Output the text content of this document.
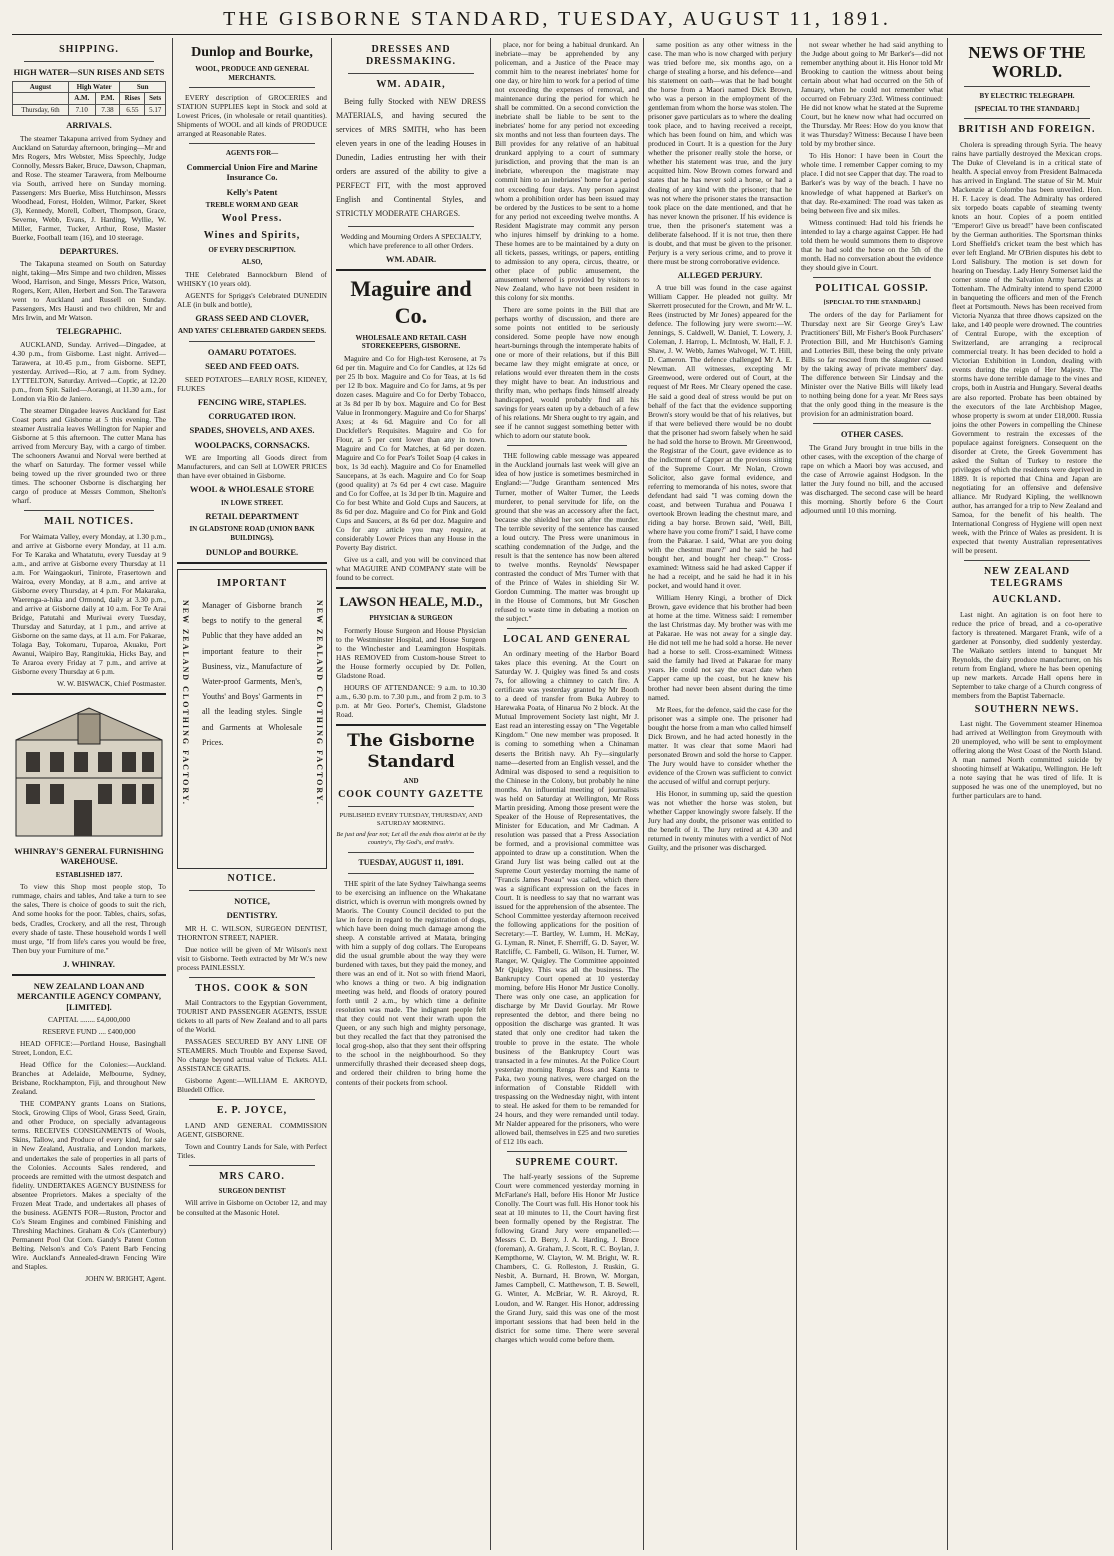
THE GISBORNE STANDARD, TUESDAY, AUGUST 11, 1891.
SHIPPING.
HIGH WATER—SUN RISES AND SETS
August	High Water		Sun	
	A.M.	P.M.	Rises	Sets
Thursday, 6th	7.10	7.38	6.55	5.17
ARRIVALS.

The steamer Takapuna arrived from Sydney and Auckland on Saturday afternoon, bringing—Mr and Mrs Rogers, Mrs Webster, Miss Speechly, Judge Connolly, Messrs Baker, Bruce, Dawson, Chapman, and Rose. The steamer Tarawera, from Melbourne via South, arrived here on Sunday morning. Passengers: Mrs Buerke, Miss Hutchinson, Messrs Woodhead, Forest, Holden, Wilmor, Parker, Skeet (3), Kennedy, Morell, Colbert, Thompson, Grace, Severne, Webb, Evans, J. Harding, Wyllie, W. Miller, Farmer, Tucker, Arthur, Rose, Master Buerke, Football team (16), and 10 steerage.

DEPARTURES.

The Takapuna steamed on South on Saturday night, taking—Mrs Simpe and two children, Misses Wood, Harrison, and Singe, Messrs Price, Watson, Rogers, Kerr, Allen, Herbert and Son. The Tarawera went to Auckland and Russell on Sunday. Passengers, Mrs Hausti and two children, Mr and Mrs Irwin, and Mr Watson.

TELEGRAPHIC.

AUCKLAND, Sunday. Arrived—Dingadee, at 4.30 p.m., from Gisborne. Last night. Arrived—Tarawera, at 10.45 p.m., from Gisborne. SEPT, yesterday. Arrived—Rio, at 7 a.m. from Sydney. LYTTELTON, Saturday. Arrived—Coptic, at 12.20 p.m., from Spit. Sailed—Aorangi, at 11.30 a.m., for London via Rio de Janiero.

The steamer Dingadee leaves Auckland for East Coast ports and Gisborne at 5 this evening. The steamer Australia leaves Wellington for Napier and Gisborne at 5 this afternoon. The cutter Mana has arrived from Mercury Bay, with a cargo of timber. The schooners Awanui and Norval were berthed at the wharf on Saturday. The former vessel while being towed up the river grounded two or three times. The schooner Osborne is discharging her cargo of produce at Messrs Common, Shelton's wharf.

MAIL NOTICES.

For Waimata Valley, every Monday, at 1.30 p.m., and arrive at Gisborne every Monday, at 11 a.m. For Te Karaka and Whatatutu, every Tuesday at 9 a.m., and arrive at Gisborne every Thursday at 11 a.m. For Waingaokuri, Tinirote, Frasertown and Wairoa, every Monday, at 8 a.m., and arrive at Gisborne every Thursday, at 4 p.m. For Makaraka, Waerenga-a-hika and Ormond, daily at 3.30 p.m., and arrive at Gisborne daily at 10 a.m. For Te Arai Bridge, Patutahi and Muriwai every Tuesday, Thursday and Saturday, at 1 p.m., and arrive at Gisborne on the same days, at 11 a.m. For Pakarae, Tolaga Bay, Tokomaru, Tuparoa, Akuaku, Port Awanui, Waipiro Bay, Rangitukia, Hicks Bay, and Te Araroa every Friday at 7 p.m., and arrive at Gisborne every Thursday at 6 p.m.

W. W. BISWACK, Chief Postmaster.

WHINRAY'S GENERAL FURNISHING WAREHOUSE.
ESTABLISHED 1877.

To view this Shop most people stop, To rummage, chairs and tables, And take a turn to see the sales, There is choice of goods to suit the rich, And some hooks for the poor. Tables, chairs, sofas, beds, Cradles, Crockery, and all the rest, Through every shade of taste. These household words I well must urge, "If from life's cares you would be free, Then buy your Furniture of me."

J. WHINRAY.
NEW ZEALAND LOAN AND MERCANTILE AGENCY COMPANY, [LIMITED].

CAPITAL ........ £4,000,000

RESERVE FUND .... £400,000

HEAD OFFICE:—Portland House, Basinghall Street, London, E.C.

Head Office for the Colonies:—Auckland. Branches at Adelaide, Melbourne, Sydney, Brisbane, Rockhampton, Fiji, and throughout New Zealand.

THE COMPANY grants Loans on Stations, Stock, Growing Clips of Wool, Grass Seed, Grain, and other Produce, on specially advantageous terms. RECEIVES CONSIGNMENTS of Wools, Skins, Tallow, and Produce of every kind, for sale in New Zealand, Australia, and London markets, and undertakes the sale of properties in all parts of the Colonies. Accounts Sales rendered, and proceeds are remitted with the utmost despatch and fidelity. UNDERTAKES AGENCY BUSINESS for absentee Proprietors. Makes a specialty of the Frozen Meat Trade, and undertakes all phases of the business. AGENTS FOR—Ruston, Proctor and Co's Steam Engines and combined Finishing and Threshing Machines. Graham & Co's (Canterbury) Permanent Pool Oat Corn. Gandy's Patent Cotton Belting. Nelson's and Co's Patent Barb Fencing Wire. Auckland's Annealed-drawn Fencing Wire and Staples.

JOHN W. BRIGHT, Agent.

Dunlop and Bourke,
WOOL, PRODUCE AND GENERAL MERCHANTS.

EVERY description of GROCERIES and STATION SUPPLIES kept in Stock and sold at Lowest Prices, (in wholesale or retail quantities). Shipments of WOOL and all kinds of PRODUCE arranged at Reasonable Rates.

AGENTS FOR—
Commercial Union Fire and Marine Insurance Co.
Kelly's Patent
TREBLE WORM AND GEAR
Wool Press.
Wines and Spirits,
OF EVERY DESCRIPTION.
ALSO,

THE Celebrated Bannockburn Blend of WHISKY (10 years old).

AGENTS for Spriggs's Celebrated DUNEDIN ALE (in bulk and bottle),

GRASS SEED AND CLOVER,
AND YATES' CELEBRATED GARDEN SEEDS.
OAMARU POTATOES.
SEED AND FEED OATS.

SEED POTATOES—EARLY ROSE, KIDNEY, FLUKES

FENCING WIRE, STAPLES.
CORRUGATED IRON.
SPADES, SHOVELS, AND AXES.
WOOLPACKS, CORNSACKS.

WE are Importing all Goods direct from Manufacturers, and can Sell at LOWER PRICES than have ever obtained in Gisborne.

WOOL & WHOLESALE STORE
IN LOWE STREET.
RETAIL DEPARTMENT
IN GLADSTONE ROAD (UNION BANK BUILDINGS).
DUNLOP and BOURKE.
IMPORTANT
NEW ZEALAND CLOTHING FACTORY.	NEW ZEALAND CLOTHING FACTORY.

Manager of Gisborne branch begs to notify to the general Public that they have added an important feature to their Business, viz., Manufacture of Water-proof Garments, Men's, Youths' and Boys' Garments in all the leading styles. Single and Garments at Wholesale Prices.

NOTICE.
NOTICE,
DENTISTRY.

MR H. C. WILSON, SURGEON DENTIST, THORNTON STREET, NAPIER.

Due notice will be given of Mr Wilson's next visit to Gisborne. Teeth extracted by Mr W.'s new process PAINLESSLY.

THOS. COOK & SON

Mail Contractors to the Egyptian Government, TOURIST AND PASSENGER AGENTS, ISSUE tickets to all parts of New Zealand and to all parts of the World.

PASSAGES SECURED BY ANY LINE OF STEAMERS. Much Trouble and Expense Saved, No charge beyond actual value of Tickets. ALL ASSISTANCE GRATIS.

Gisborne Agent:—WILLIAM E. AKROYD, Bluedell Office.

E. P. JOYCE,

LAND AND GENERAL COMMISSION AGENT, GISBORNE.

Town and Country Lands for Sale, with Perfect Titles.

MRS CARO.
SURGEON DENTIST

Will arrive in Gisborne on October 12, and may be consulted at the Masonic Hotel.

DRESSES AND DRESSMAKING.
WM. ADAIR,

Being fully Stocked with NEW DRESS MATERIALS, and having secured the services of MRS SMITH, who has been eleven years in one of the leading Houses in Dunedin, Ladies entrusting her with their orders are assured of the ability to give a PERFECT FIT, with the most approved English and Continental Styles, and STRICTLY MODERATE CHARGES.

Wedding and Mourning Orders A SPECIALTY, which have preference to all other Orders.

WM. ADAIR.
Maguire and Co.
WHOLESALE AND RETAIL CASH STOREKEEPERS, GISBORNE.

Maguire and Co for High-test Kerosene, at 7s 6d per tin. Maguire and Co for Candles, at 12s 6d per 25 lb box. Maguire and Co for Teas, at 1s 6d per 12 lb box. Maguire and Co for Jams, at 9s per dozen cases. Maguire and Co for Derby Tobacco, at 3s 8d per lb by box. Maguire and Co for Best Value in Ironmongery. Maguire and Co for Sharps' Axes; at 4s 6d. Maguire and Co for all Duckfeller's Requisites. Maguire and Co for Flour, at 5 per cent lower than any in town. Maguire and Co for Matches, at 6d per dozen. Maguire and Co for Pear's Toilet Soap (4 cakes in box, 1s 3d each). Maguire and Co for Enamelled Saucepans, at 3s each. Maguire and Co for Soap (good quality) at 7s 6d per 4 cwt case. Maguire and Co for Coffee, at 1s 3d per lb tin. Maguire and Co for best White and Gold Cups and Saucers, at 8s 6d per doz. Maguire and Co for Pink and Gold Cups and Saucers, at 8s 6d per doz. Maguire and Co for any article you may require, at considerably Lower Prices than any House in the Poverty Bay district.

Give us a call, and you will be convinced that what MAGUIRE AND COMPANY state will be found to be correct.

LAWSON HEALE, M.D.,
PHYSICIAN & SURGEON

Formerly House Surgeon and House Physician to the Westminster Hospital, and House Surgeon to the Winchester and Leamington Hospitals. HAS REMOVED from Custom-house Street to the House formerly occupied by Dr. Pollen, Gladstone Road.

HOURS OF ATTENDANCE: 9 a.m. to 10.30 a.m., 6.30 p.m. to 7.30 p.m., and from 2 p.m. to 3 p.m. at Mr Geo. Porter's, Chemist, Gladstone Road.

The Gisborne Standard
AND
COOK COUNTY GAZETTE

PUBLISHED EVERY TUESDAY, THURSDAY, AND SATURDAY MORNING.

Be just and fear not; Let all the ends thou aim'st at be thy country's, Thy God's, and truth's.

TUESDAY, AUGUST 11, 1891.

THE spirit of the late Sydney Taiwhanga seems to be exercising an influence on the Whakatane district, which is overrun with mongrels owned by Maoris. The County Council decided to put the law in force in regard to the registration of dogs, which have been doing much damage among the sheep. A constable arrived at Matata, bringing with him a supply of dog collars. The Europeans did the usual grumble about the way they were burdened with taxes, but they paid the money, and there was an end of it. Not so with friend Maori, who knows a thing or two. A big indignation meeting was held, and floods of oratory poured forth until 2 a.m., by which time a definite resolution was made. The indignant people felt that they could not vent their wrath upon the Queen, or any such high and mighty personage, but they recalled the fact that they patronised the local grog-shop, also that they sent their offspring to the school in the neighbourhood. So they unmercifully thrashed their deceased sheep dogs, and ordered their children to bring home the contents of their pockets from school.

place, nor for being a habitual drunkard. An inebriate—may be apprehended by any policeman, and a Justice of the Peace may commit him to the nearest inebriates' home for one day, or hire him to work for a period of time not exceeding the expenses of removal, and maintenance during the period for which he shall be committed. On a second conviction the inebriate shall be liable to be sent to the inebriates' home for any period not exceeding six months and not less than fourteen days. The Bill provides for any relative of an habitual drunkard applying to a court of summary jurisdiction, and proving that the man is an inebriate, whereupon the magistrate may commit him to an inebriates' home for a period not exceeding four days. Any person against whom a prohibition order has been issued may be ordered by the Justices to be sent to a home for any period not exceeding twelve months. A Resident Magistrate may commit any person who injures himself by drinking to a home. These homes are to be maintained by a duty on all tickets, passes, writings, or papers, entitling to admission to any opera, circus, theatre, or other place of public amusement, the amusement whereof is provided by visitors to New Zealand, who have not been resident in this colony for six months.

There are some points in the Bill that are perhaps worthy of discussion, and there are some points not entitled to be seriously considered. Some people have now enough heart-burnings through the intemperate habits of one or more of their relations, but if this Bill became law they might emigrate at once, or relations would ever threaten them in the costs they might have to bear. An industrious and thrifty man, who perhaps finds himself already handicapped, would probably find all his savings for years eaten up by a debauch of a few of his relations. Mr Shera ought to try again, and see if he cannot suggest something better with which to adorn our statute book.

THE following cable message was appeared in the Auckland journals last week will give an idea of how justice is sometimes besmirched in England:—"Judge Grantham sentenced Mrs Turner, mother of Walter Turner, the Leeds murderer, to penal servitude for life, on the ground that she was an accessory after the fact, because she shielded her son after the murder. The terrible severity of the sentence has caused a loud outcry. The Press were unanimous in scathing condemnation of the Judge, and the result is that the sentence has now been altered to twelve months. Reynolds' Newspaper contrasted the conduct of Mrs Turner with that of the Prince of Wales in shielding Sir W. Gordon Cumming. The matter was brought up in the House of Commons, but Mr Goschen refused to waste time in debating a motion on the subject."

LOCAL AND GENERAL

An ordinary meeting of the Harbor Board takes place this evening. At the Court on Saturday W. J. Quigley was fined 5s and costs 7s, for allowing a chimney to catch fire. A certificate was yesterday granted by Mr Booth to a deed of transfer from Buka Aubrey to Harewaka Poata, of Hinarua No 2 block. At the Mutual Improvement Society last night, Mr J. East read an interesting essay on "The Vegetable Kingdom." One new member was proposed. It is coming to something when a Chinaman deserts the British navy. Ah Fy—singularly name—deserted from an English vessel, and the Admiral was disposed to send a requisition to the Chinese in the Colony, but probably he nine months. An influential meeting of journalists was held on Saturday at Wellington, Mr Ross Martin presiding. Among those present were the Speaker of the House of Representatives, the Minister for Education, and Mr Cadman. A resolution was passed that a Press Association be formed, and a provisional committee was appointed to draw up a constitution. When the Grand Jury list was being called out at the Supreme Court yesterday morning the name of "Francis James Poeau" was called, which there was a significant expression on the faces in Court. It is needless to say that no warrant was issued for the apprehension of the absentee. The School Committee yesterday afternoon received the following applications for the position of Secretary:—T. Bartley, W. Lumm, H. McKay, G. Lyman, R. Ninet, F. Sherriff, G. D. Sayer, W. Ratcliffe, C. Fambell, G. Wilson, H. Turner, W. Ranger, W. Quigley. The Committee appointed Mr Quigley. This was all the business. The Bankruptcy Court opened at 10 yesterday morning, before His Honor Mr Justice Conolly. There was only one case, an application for discharge by Mr David Gourlay. Mr Rowe represented the debtor, and there being no opposition the discharge was granted. It was stated that only one creditor had taken the trouble to prove in the estate. The whole business of the Bankruptcy Court was transacted in a few minutes. At the Police Court yesterday morning Renga Ross and Kanta te Paka, two young natives, were charged on the information of Constable Riddell with trespassing on the Wednesday night, with intent to steal. He asked for them to be remanded for 24 hours, and they were remanded until today. Mr Nalder appeared for the prisoners, who were allowed bail, themselves in £25 and two sureties of £12 10s each.

SUPREME COURT.

The half-yearly sessions of the Supreme Court were commenced yesterday morning in McFarlane's Hall, before His Honor Mr Justice Conolly. The Court was full. His Honor took his seat at 10 minutes to 11, the Court having first been formally opened by the Registrar. The following Grand Jury were empanelled:—Messrs C. D. Berry, J. A. Harding, J. Broce (foreman), A. Graham, J. Scott, R. C. Boylan, J. Kempthorne, W. Clayton, W. M. Bright, W. R. Chambers, C. G. Rolleston, J. Ruskin, G. Nesbit, A. Burnard, H. Brown, W. Morgan, James Campbell, C. Matthewson, T. B. Sewell, G. Winter, A. McBriar, W. R. Akroyd, R. Loudon, and W. Ranger. His Honor, addressing the Grand Jury, said this was one of the most important sessions that had been held in the district for some time. There were several charges which would come before them.

same position as any other witness in the case. The man who is now charged with perjury was tried before me, six months ago, on a charge of stealing a horse, and his defence—and his statement on oath—was that he had bought the horse from a Maori named Dick Brown, who was a person in the employment of the gentleman from whom the horse was stolen. The prisoner gave particulars as to where the dealing took place, and to having received a receipt, which has been found on him, and which was produced in Court. It is a question for the Jury whether the prisoner really stole the horse, or whether his statement was true, and the jury acquitted him. Now Brown comes forward and states that he has never sold a horse, or had a dealing of any kind with the prisoner; that he was not where the prisoner states the transaction took place on the date mentioned, and that he has never known the prisoner. If his evidence is true, then the prisoner's statement was a deliberate falsehood. If it is not true, then there is doubt, and that must be given to the prisoner. Perjury is a very serious crime, and to prove it there must be strong corroborative evidence.

ALLEGED PERJURY.

A true bill was found in the case against William Capper. He pleaded not guilty. Mr Skerrett prosecuted for the Crown, and Mr W. L. Rees (instructed by Mr Jones) appeared for the defence. The following jury were sworn:—W. Jennings, S. Caldwell, W. Daniel, T. Lowery, J. Coleman, J. Harrop, L. McIntosh, W. Hall, F. J. Shaw, J. W. Webb, James Walvogel, W. T. Hill, D. Cameron. The defence challenged Mr A. E. Newman. All witnesses, excepting Mr Greenwood, were ordered out of Court, at the request of Mr Rees. Mr Cleary opened the case. He said a good deal of stress would be put on behalf of the fact that the evidence supporting Brown's story would be that of his relatives, but if that were believed there would be no doubt that the prisoner had sworn falsely when he said he had sold the horse to Brown. Mr Greenwood, the Registrar of the Court, gave evidence as to the indictment of Capper at the previous sitting of the Supreme Court. Mr Nolan, Crown Solicitor, also gave formal evidence, and referring to memoranda of his notes, swore that defendant had said "I was coming down the coast, and between Turahua and Pouawa I overtook Brown leading the chestnut mare, and riding a bay horse. Brown said, 'Well, Bill, where have you come from?' I said, I have come from the Pakarae. I said, 'What are you doing with the chestnut mare?' and he said he had bought her, and bought her cheap.'" Cross-examined: Witness said he had asked Capper if he had a receipt, and he said he had it in his pocket, and would hand it over.

William Henry Kingi, a brother of Dick Brown, gave evidence that his brother had been at home at the time. Witness said: I remember the last Christmas day. My brother was with me at Pakarae. He was not away for a single day. He did not tell me he had sold a horse. He never had a horse to sell. Cross-examined: Witness said the family had lived at Pakarae for many years. He could not say the exact date when Capper came up the coast, but he knew his brother had never been absent during the time named.

Mr Rees, for the defence, said the case for the prisoner was a simple one. The prisoner had bought the horse from a man who called himself Dick Brown, and he had acted honestly in the matter. It was clear that some Maori had personated Brown and sold the horse to Capper. The Jury would have to consider whether the evidence of the Crown was sufficient to convict the accused of wilful and corrupt perjury.

His Honor, in summing up, said the question was not whether the horse was stolen, but whether Capper knowingly swore falsely. If the Jury had any doubt, the prisoner was entitled to the benefit of it. The Jury retired at 4.30 and returned in twenty minutes with a verdict of Not Guilty, and the prisoner was discharged.

not swear whether he had said anything to the Judge about going to Mr Barker's—did not remember anything about it. His Honor told Mr Brooking to caution the witness about being certain about what had occurred on the 5th of January, when he could not remember what occurred on February 23rd. Witness continued: He did not know what he stated at the Supreme Court, but he knew now what had occurred on the Thursday. Mr Rees: How do you know that it was Thursday? Witness: Because I have been told by my brother since.

To His Honor: I have been in Court the whole time. I remember Capper coming to my place. I did not see Capper that day. The road to Barker's was by way of the beach. I have no knowledge of what happened at Barker's on that day. Re-examined: The road was taken as being between five and six miles.

Witness continued: Had told his friends he intended to lay a charge against Capper. He had told them he would summons them to disprove that he had sold the horse on the 5th of the month. Had no conversation about the evidence they should give in Court.

POLITICAL GOSSIP.
[SPECIAL TO THE STANDARD.]

The orders of the day for Parliament for Thursday next are Sir George Grey's Law Practitioners' Bill, Mr Fisher's Book Purchasers' Protection Bill, and Mr Hutchison's Gaming and Lotteries Bill, these being the only private Bills so far rescued from the slaughter caused by the taking away of private members' day. The difference between Sir Lindsay and the Minister over the Native Bills will likely lead to nothing being done for a year. Mr Rees says that the only good thing in the measure is the provision for an administration board.

OTHER CASES.

The Grand Jury brought in true bills in the other cases, with the exception of the charge of rape on which a Maori boy was accused, and the case of Arrowie against Hodgson. In the latter the Jury found no bill, and the accused was discharged. The second case will be heard this morning. Shortly before 6 the Court adjourned until 10 this morning.

NEWS OF THE WORLD.
BY ELECTRIC TELEGRAPH.
[SPECIAL TO THE STANDARD.]
BRITISH AND FOREIGN.

Cholera is spreading through Syria. The heavy rains have partially destroyed the Mexican crops. The Duke of Cleveland is in a critical state of health. A special envoy from President Balmaceda has arrived in England. The statue of Sir M. Muir Mackenzie at Colombo has been unveiled. Hon. H. F. Lacey is dead. The Admiralty has ordered six torpedo boats capable of steaming twenty knots an hour. Copies of a poem entitled "Emperor! Give us bread!" have been confiscated by the German authorities. The Sportsman thinks Lord Sheffield's cricket team the best which has ever left England. Mr O'Brien disputes his debt to Lord Salisbury. The motion is set down for hearing on Tuesday. Lady Henry Somerset laid the corner stone of the Salvation Army barracks at Tottenham. The Admiralty intend to spend £2000 in banqueting the officers and men of the French fleet at Portsmouth. News has been received from Victoria Nyanza that three dhows capsized on the lake, and 140 people were drowned. The countries of Central Europe, with the exception of Switzerland, are arranging a reciprocal commercial treaty. It has been decided to hold a Victorian Exhibition in London, dealing with events during the reign of Her Majesty. The storms have done terrible damage to the vines and crops, both in Austria and Hungary. Several deaths are also reported. Probate has been obtained by the executors of the late Archbishop Magee, whose property is sworn at under £18,000. Russia joins the other Powers in compelling the Chinese Government to restrain the excesses of the populace against foreigners. Consequent on the disorder at Crete, the Greek Government has asked the Sultan of Turkey to restore the privileges of which the residents were deprived in 1889. It is reported that China and Japan are negotiating for an offensive and defensive alliance. Mr Rudyard Kipling, the wellknown author, has arranged for a trip to New Zealand and Samoa, for the benefit of his health. The International Congress of Hygiene will open next week, with the Prince of Wales as president. It is expected that twenty Australian representatives will be present.

NEW ZEALAND TELEGRAMS
AUCKLAND.

Last night. An agitation is on foot here to reduce the price of bread, and a co-operative factory is threatened. Margaret Frank, wife of a gardener at Ponsonby, died suddenly yesterday. The Waikato settlers intend to banquet Mr Reynolds, the dairy produce manufacturer, on his return from England, where he has been opening up new markets. Arcade Hall opens here in September to take charge of a Church congress of members from the Baptist Tabernacle.

SOUTHERN NEWS.

Last night. The Government steamer Hinemoa had arrived at Wellington from Greymouth with 20 unemployed, who will be sent to employment offering along the West Coast of the North Island. A man named North committed suicide by shooting himself at Wakatipu, Wellington. He left a note saying that he was tired of life. It is supposed he was one of the unemployed, but no further particulars are to hand.
